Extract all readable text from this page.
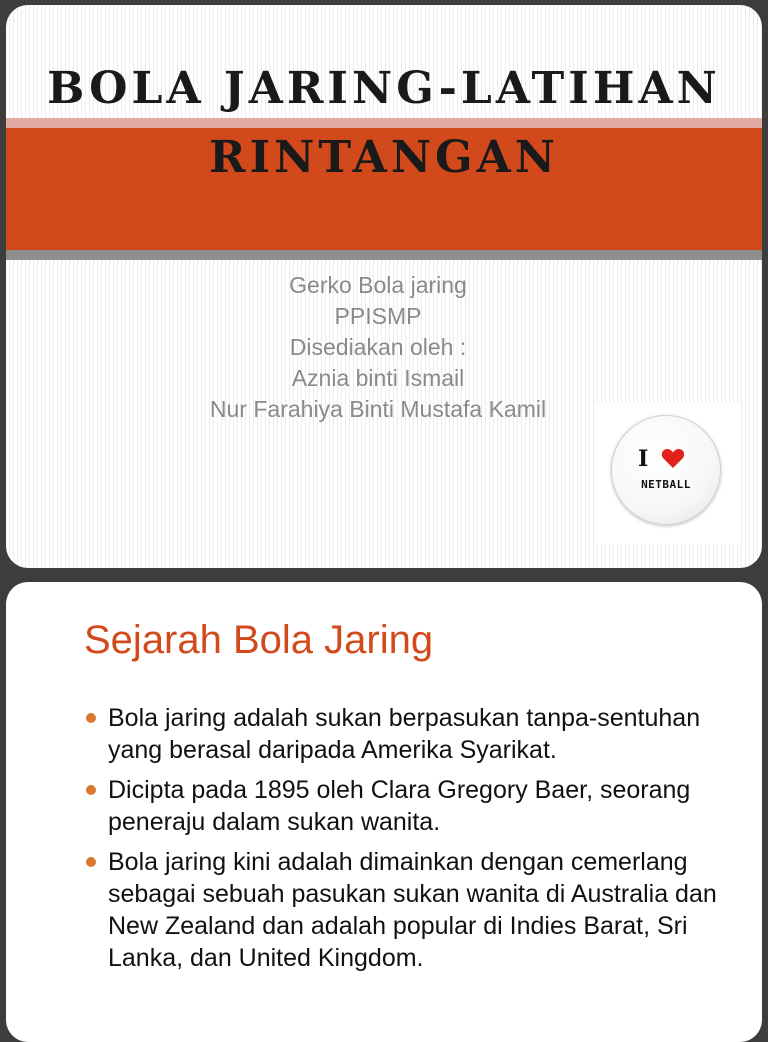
BOLA JARING-LATIHAN
RINTANGAN
Gerko Bola jaring
PPISMP
Disediakan oleh :
Aznia binti Ismail
Nur Farahiya Binti Mustafa Kamil
I
NETBALL
Sejarah Bola Jaring
Bola jaring adalah sukan berpasukan tanpa-sentuhan yang berasal daripada Amerika Syarikat.
Dicipta pada 1895 oleh Clara Gregory Baer, seorang peneraju dalam sukan wanita.
Bola jaring kini adalah dimainkan dengan cemerlang sebagai sebuah pasukan sukan wanita di Australia dan New Zealand dan adalah popular di Indies Barat, Sri Lanka, dan United Kingdom.
